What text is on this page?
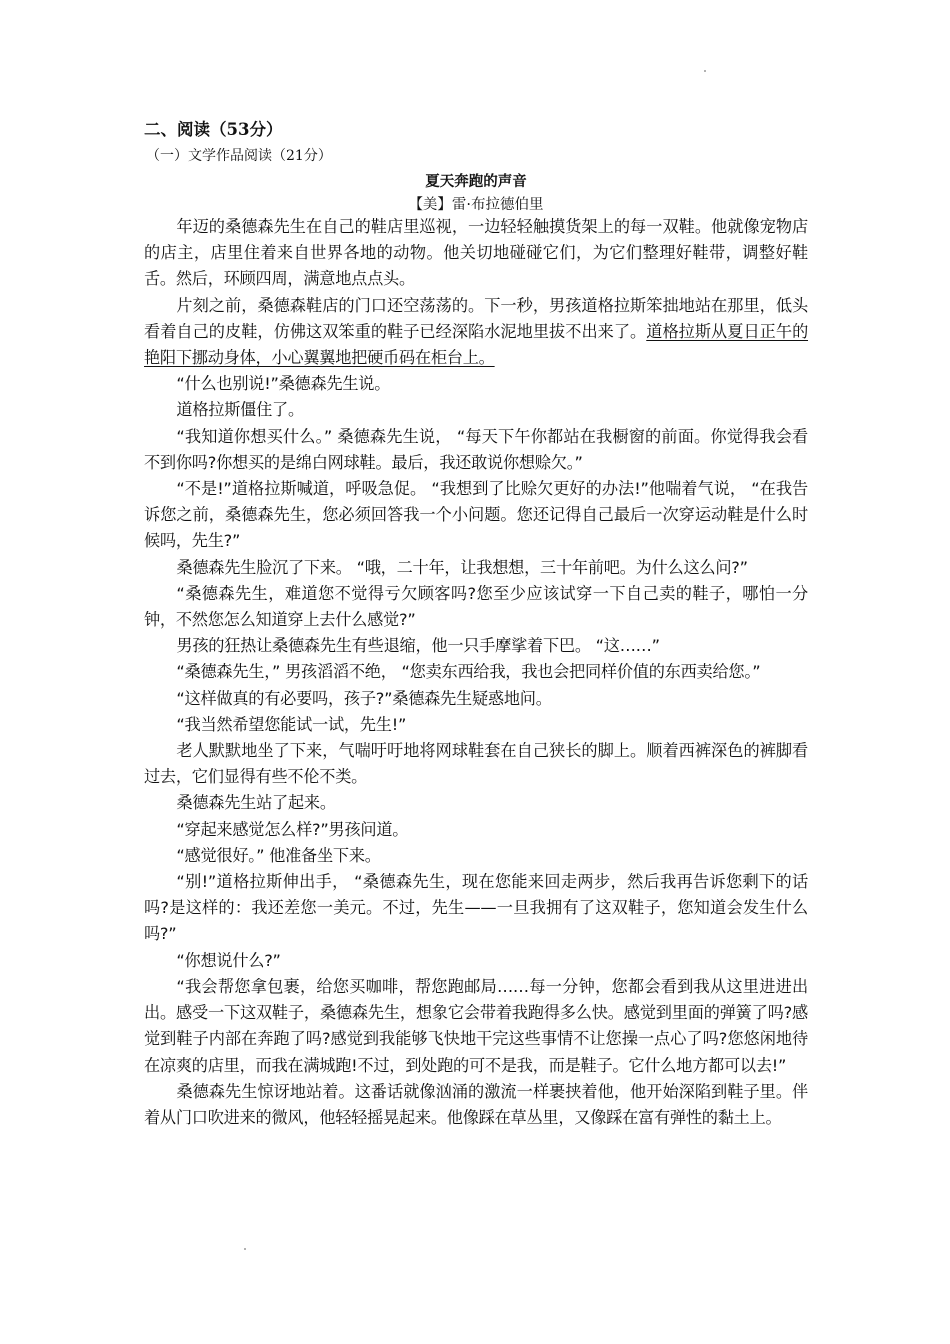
二、阅读（53分）
（一）文学作品阅读（21分）
夏天奔跑的声音
【美】雷·布拉德伯里

年迈的桑德森先生在自己的鞋店里巡视，一边轻轻触摸货架上的每一双鞋。他就像宠物店的店主，店里住着来自世界各地的动物。他关切地碰碰它们，为它们整理好鞋带，调整好鞋舌。然后，环顾四周，满意地点点头。

片刻之前，桑德森鞋店的门口还空荡荡的。下一秒，男孩道格拉斯笨拙地站在那里，低头看着自己的皮鞋，仿佛这双笨重的鞋子已经深陷水泥地里拔不出来了。道格拉斯从夏日正午的艳阳下挪动身体，小心翼翼地把硬币码在柜台上。

“什么也别说!”桑德森先生说。

道格拉斯僵住了。

“我知道你想买什么。” 桑德森先生说， “每天下午你都站在我橱窗的前面。你觉得我会看不到你吗?你想买的是绵白网球鞋。最后，我还敢说你想赊欠。”

“不是!”道格拉斯喊道，呼吸急促。 “我想到了比赊欠更好的办法!”他喘着气说， “在我告诉您之前，桑德森先生，您必须回答我一个小问题。您还记得自己最后一次穿运动鞋是什么时候吗，先生?”

桑德森先生脸沉了下来。 “哦，二十年，让我想想，三十年前吧。为什么这么问?”

“桑德森先生，难道您不觉得亏欠顾客吗?您至少应该试穿一下自己卖的鞋子，哪怕一分钟，不然您怎么知道穿上去什么感觉?”

男孩的狂热让桑德森先生有些退缩，他一只手摩挲着下巴。 “这……”

“桑德森先生，” 男孩滔滔不绝， “您卖东西给我，我也会把同样价值的东西卖给您。”

“这样做真的有必要吗，孩子?”桑德森先生疑惑地问。

“我当然希望您能试一试，先生!”

老人默默地坐了下来，气喘吁吁地将网球鞋套在自己狭长的脚上。顺着西裤深色的裤脚看过去，它们显得有些不伦不类。

桑德森先生站了起来。

“穿起来感觉怎么样?”男孩问道。

“感觉很好。” 他准备坐下来。

“别!”道格拉斯伸出手， “桑德森先生，现在您能来回走两步，然后我再告诉您剩下的话吗?是这样的：我还差您一美元。不过，先生——一旦我拥有了这双鞋子，您知道会发生什么吗?”

“你想说什么?”

“我会帮您拿包裹，给您买咖啡，帮您跑邮局……每一分钟，您都会看到我从这里进进出出。感受一下这双鞋子，桑德森先生，想象它会带着我跑得多么快。感觉到里面的弹簧了吗?感觉到鞋子内部在奔跑了吗?感觉到我能够飞快地干完这些事情不让您操一点心了吗?您悠闲地待在凉爽的店里，而我在满城跑!不过，到处跑的可不是我，而是鞋子。它什么地方都可以去!”

桑德森先生惊讶地站着。这番话就像汹涌的激流一样裹挟着他，他开始深陷到鞋子里。伴着从门口吹进来的微风，他轻轻摇晃起来。他像踩在草丛里，又像踩在富有弹性的黏土上。
